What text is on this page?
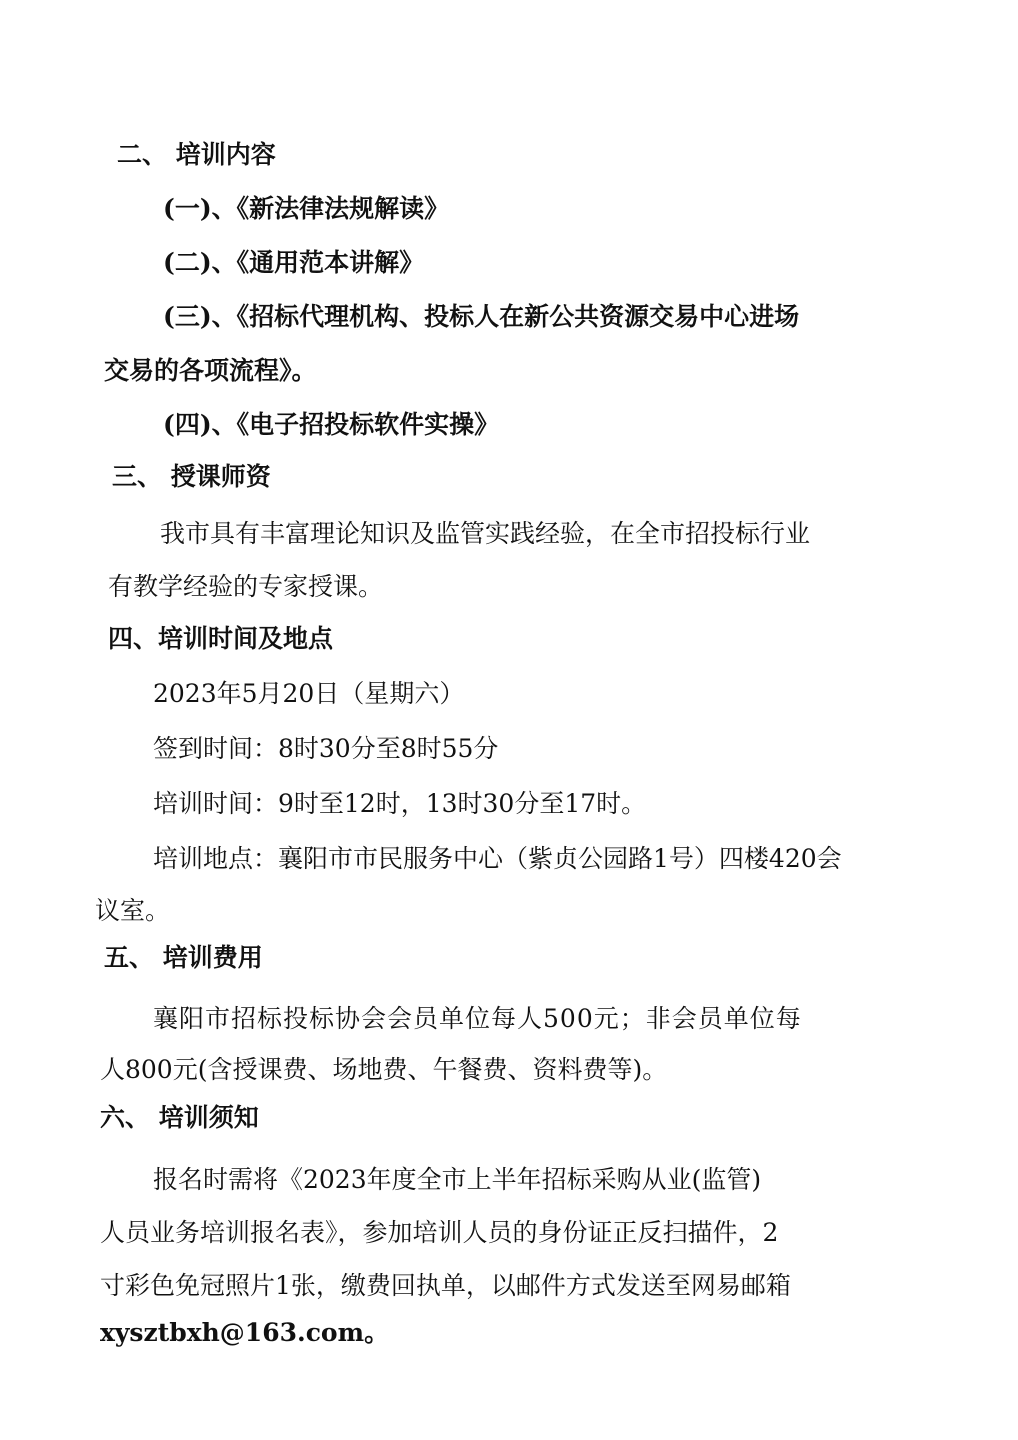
二、 培训内容

(一)、《新法律法规解读》

(二)、《通用范本讲解》

(三)、《招标代理机构、投标人在新公共资源交易中心进场

交易的各项流程》。

(四)、《电子招投标软件实操》

三、 授课师资

我市具有丰富理论知识及监管实践经验，在全市招投标行业

有教学经验的专家授课。

四、培训时间及地点

2023年5月20日（星期六）

签到时间：8时30分至8时55分

培训时间：9时至12时，13时30分至17时。

培训地点：襄阳市市民服务中心（紫贞公园路1号）四楼420会

议室。

五、 培训费用

襄阳市招标投标协会会员单位每人500元；非会员单位每

人800元(含授课费、场地费、午餐费、资料费等)。

六、 培训须知

报名时需将《2023年度全市上半年招标采购从业(监管)

人员业务培训报名表》，参加培训人员的身份证正反扫描件，2

寸彩色免冠照片1张，缴费回执单，以邮件方式发送至网易邮箱

xysztbxh@163.com。
